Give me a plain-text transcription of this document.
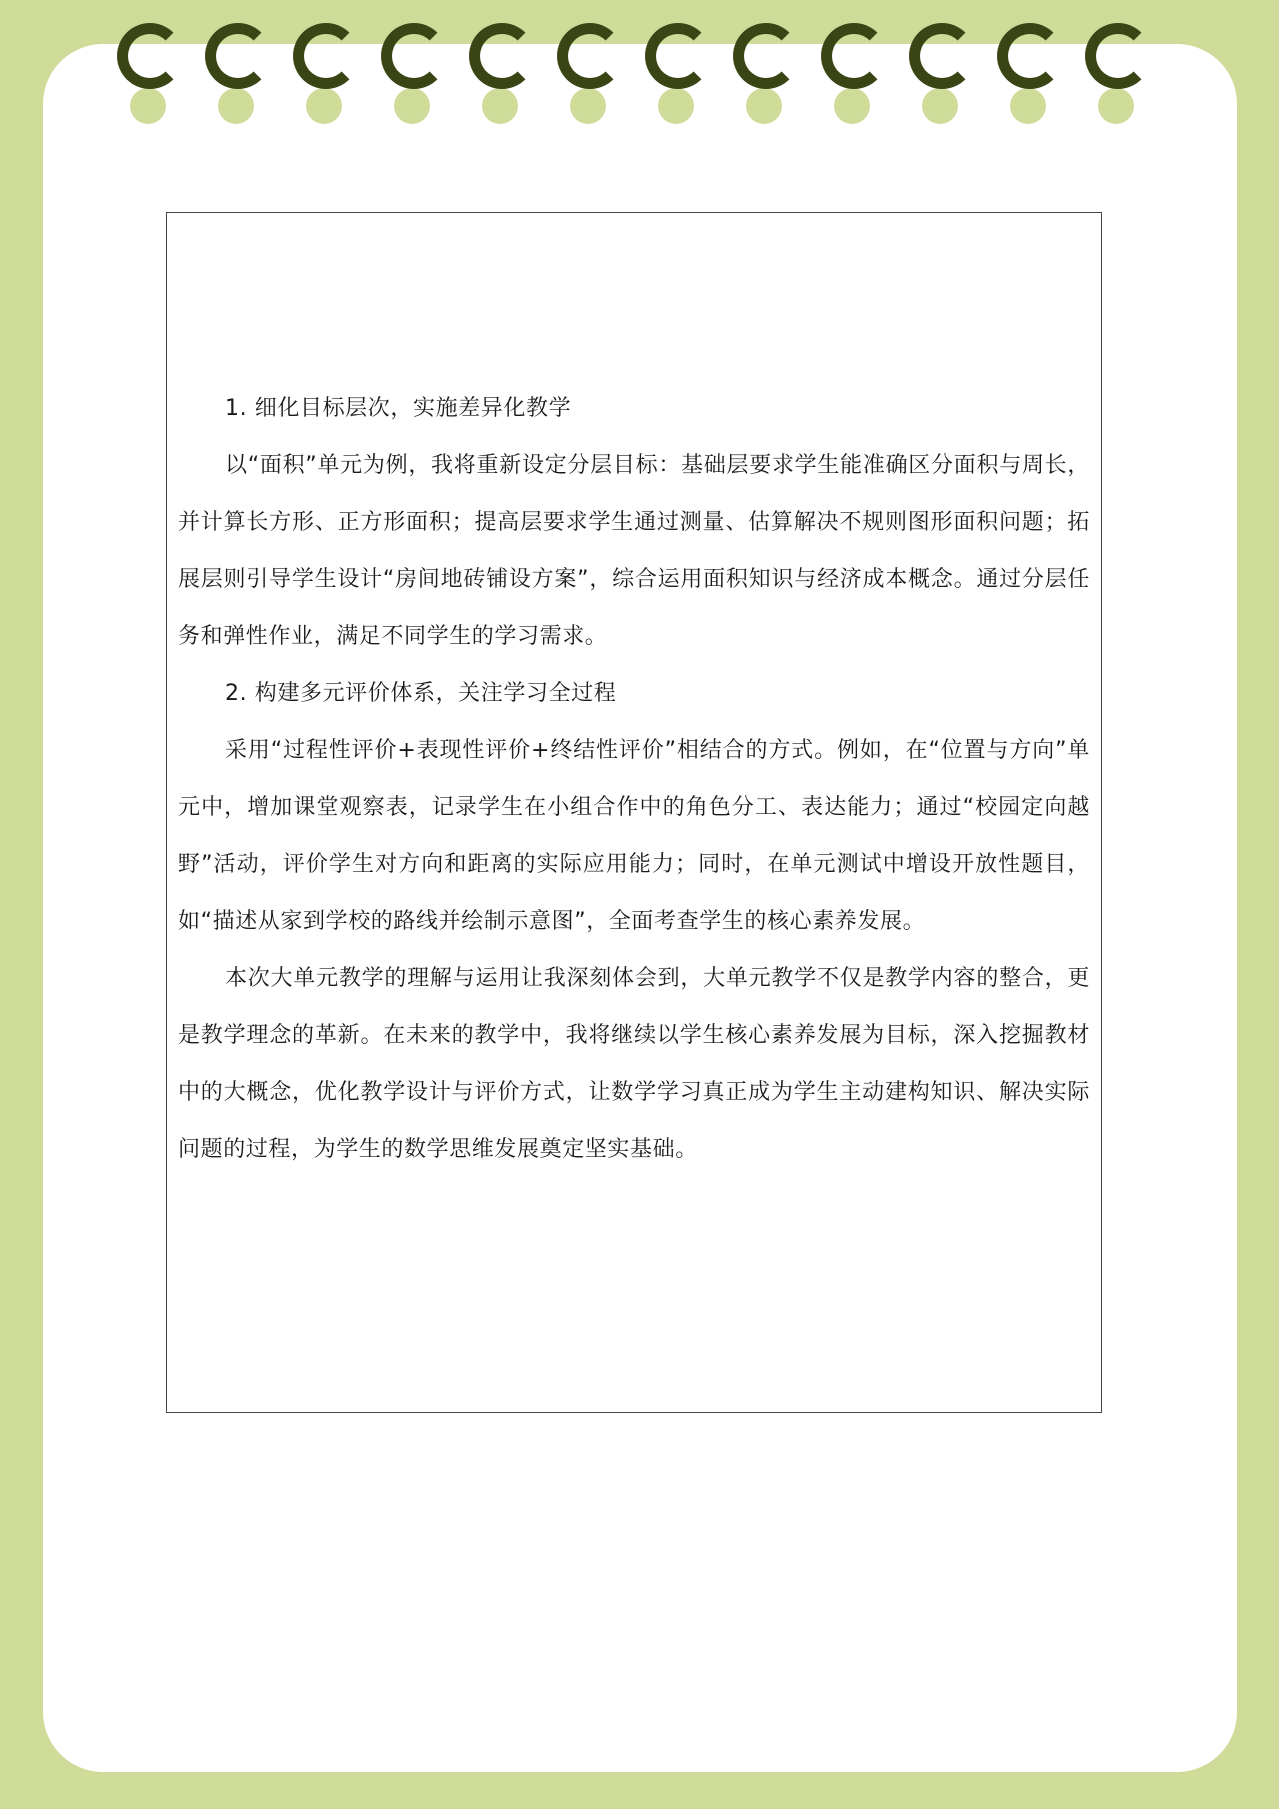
1. 细化目标层次，实施差异化教学

以“面积”单元为例，我将重新设定分层目标：基础层要求学生能准确区分面积与周长，并计算长方形、正方形面积；提高层要求学生通过测量、估算解决不规则图形面积问题；拓展层则引导学生设计“房间地砖铺设方案”，综合运用面积知识与经济成本概念。通过分层任务和弹性作业，满足不同学生的学习需求。

2. 构建多元评价体系，关注学习全过程

采用“过程性评价+表现性评价+终结性评价”相结合的方式。例如，在“位置与方向”单元中，增加课堂观察表，记录学生在小组合作中的角色分工、表达能力；通过“校园定向越野”活动，评价学生对方向和距离的实际应用能力；同时，在单元测试中增设开放性题目，如“描述从家到学校的路线并绘制示意图”，全面考查学生的核心素养发展。

本次大单元教学的理解与运用让我深刻体会到，大单元教学不仅是教学内容的整合，更是教学理念的革新。在未来的教学中，我将继续以学生核心素养发展为目标，深入挖掘教材中的大概念，优化教学设计与评价方式，让数学学习真正成为学生主动建构知识、解决实际问题的过程，为学生的数学思维发展奠定坚实基础。
